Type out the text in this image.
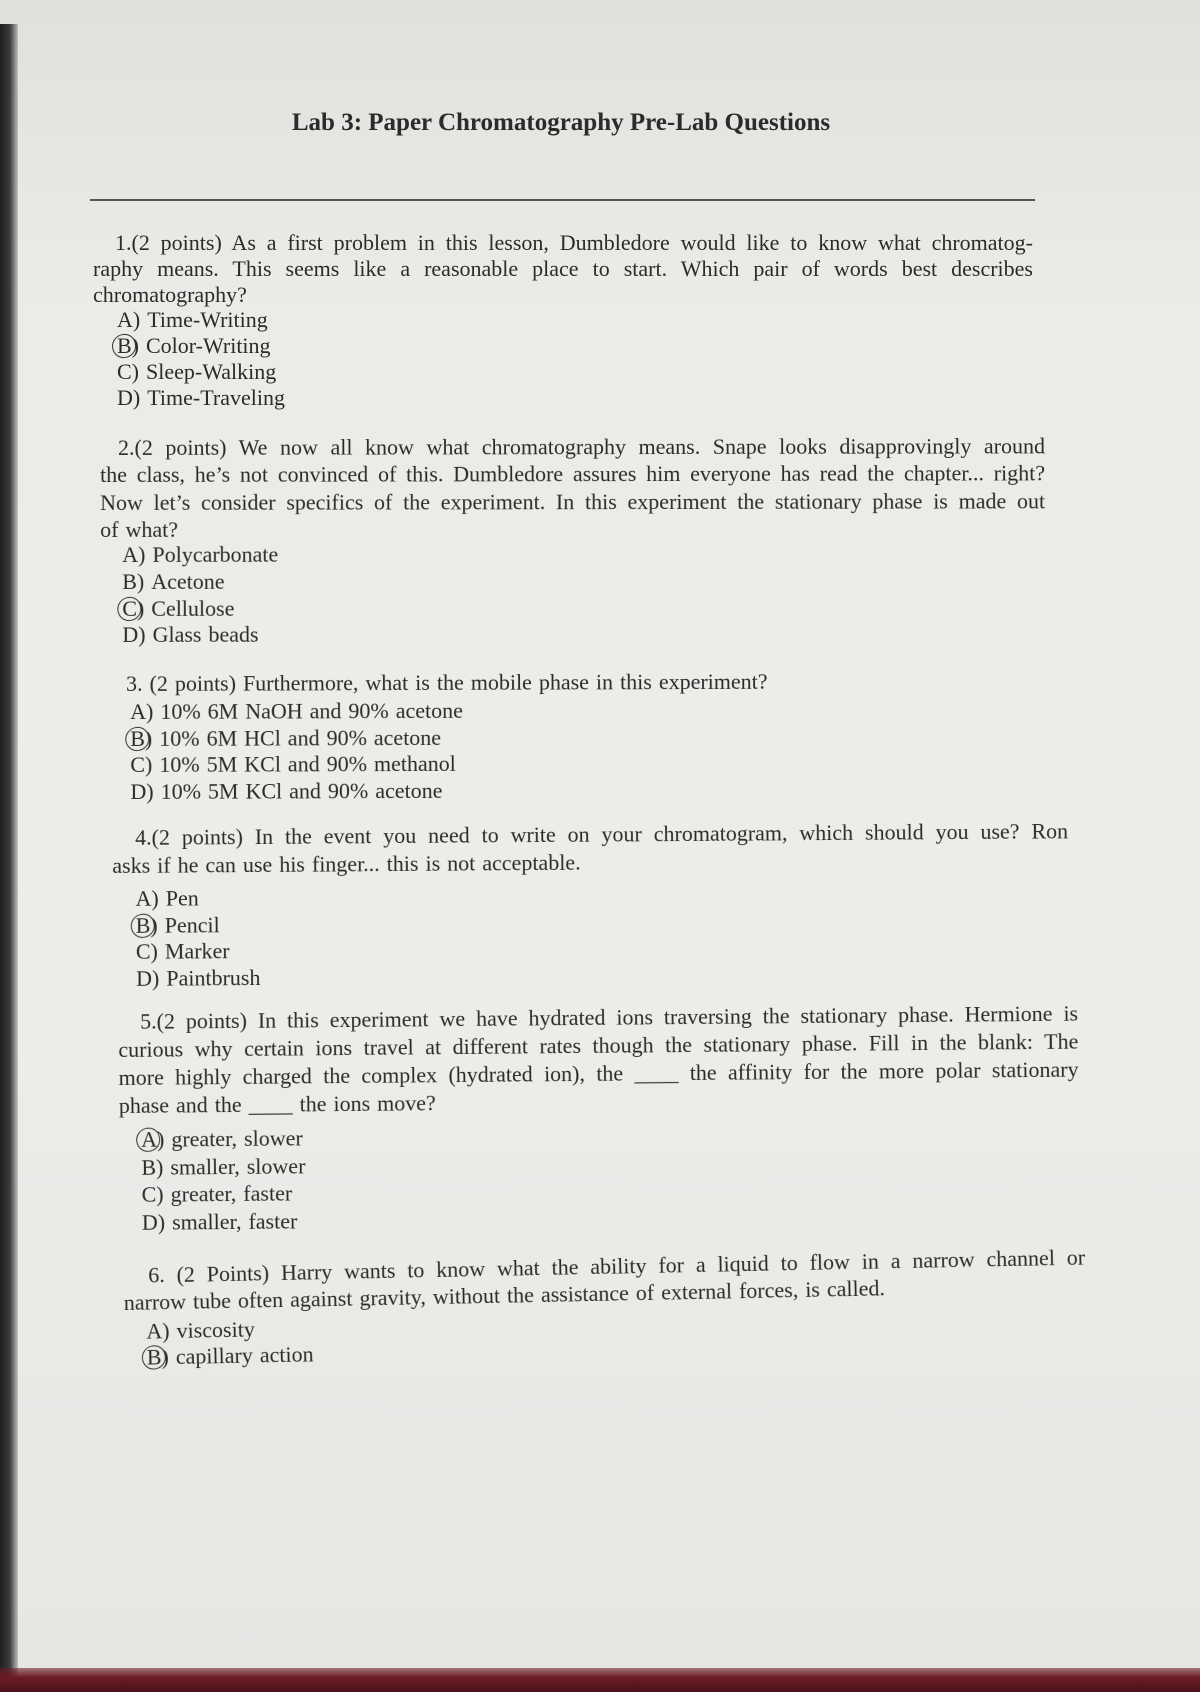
Lab 3: Paper Chromatography Pre-Lab Questions
1.(2 points) As a first problem in this lesson, Dumbledore would like to know what chromatog-
raphy means. This seems like a reasonable place to start. Which pair of words best describes
chromatography?
A) Time-Writing
B) Color-Writing
C) Sleep-Walking
D) Time-Traveling
2.(2 points) We now all know what chromatography means. Snape looks disapprovingly around
the class, he’s not convinced of this. Dumbledore assures him everyone has read the chapter... right?
Now let’s consider specifics of the experiment. In this experiment the stationary phase is made out
of what?
A) Polycarbonate
B) Acetone
C) Cellulose
D) Glass beads
3. (2 points) Furthermore, what is the mobile phase in this experiment?
A) 10% 6M NaOH and 90% acetone
B) 10% 6M HCl and 90% acetone
C) 10% 5M KCl and 90% methanol
D) 10% 5M KCl and 90% acetone
4.(2 points) In the event you need to write on your chromatogram, which should you use? Ron
asks if he can use his finger... this is not acceptable.
A) Pen
B) Pencil
C) Marker
D) Paintbrush
5.(2 points) In this experiment we have hydrated ions traversing the stationary phase. Hermione is
curious why certain ions travel at different rates though the stationary phase. Fill in the blank: The
more highly charged the complex (hydrated ion), the ____ the affinity for the more polar stationary
phase and the ____ the ions move?
A) greater, slower
B) smaller, slower
C) greater, faster
D) smaller, faster
6. (2 Points) Harry wants to know what the ability for a liquid to flow in a narrow channel or
narrow tube often against gravity, without the assistance of external forces, is called.
A) viscosity
B) capillary action
